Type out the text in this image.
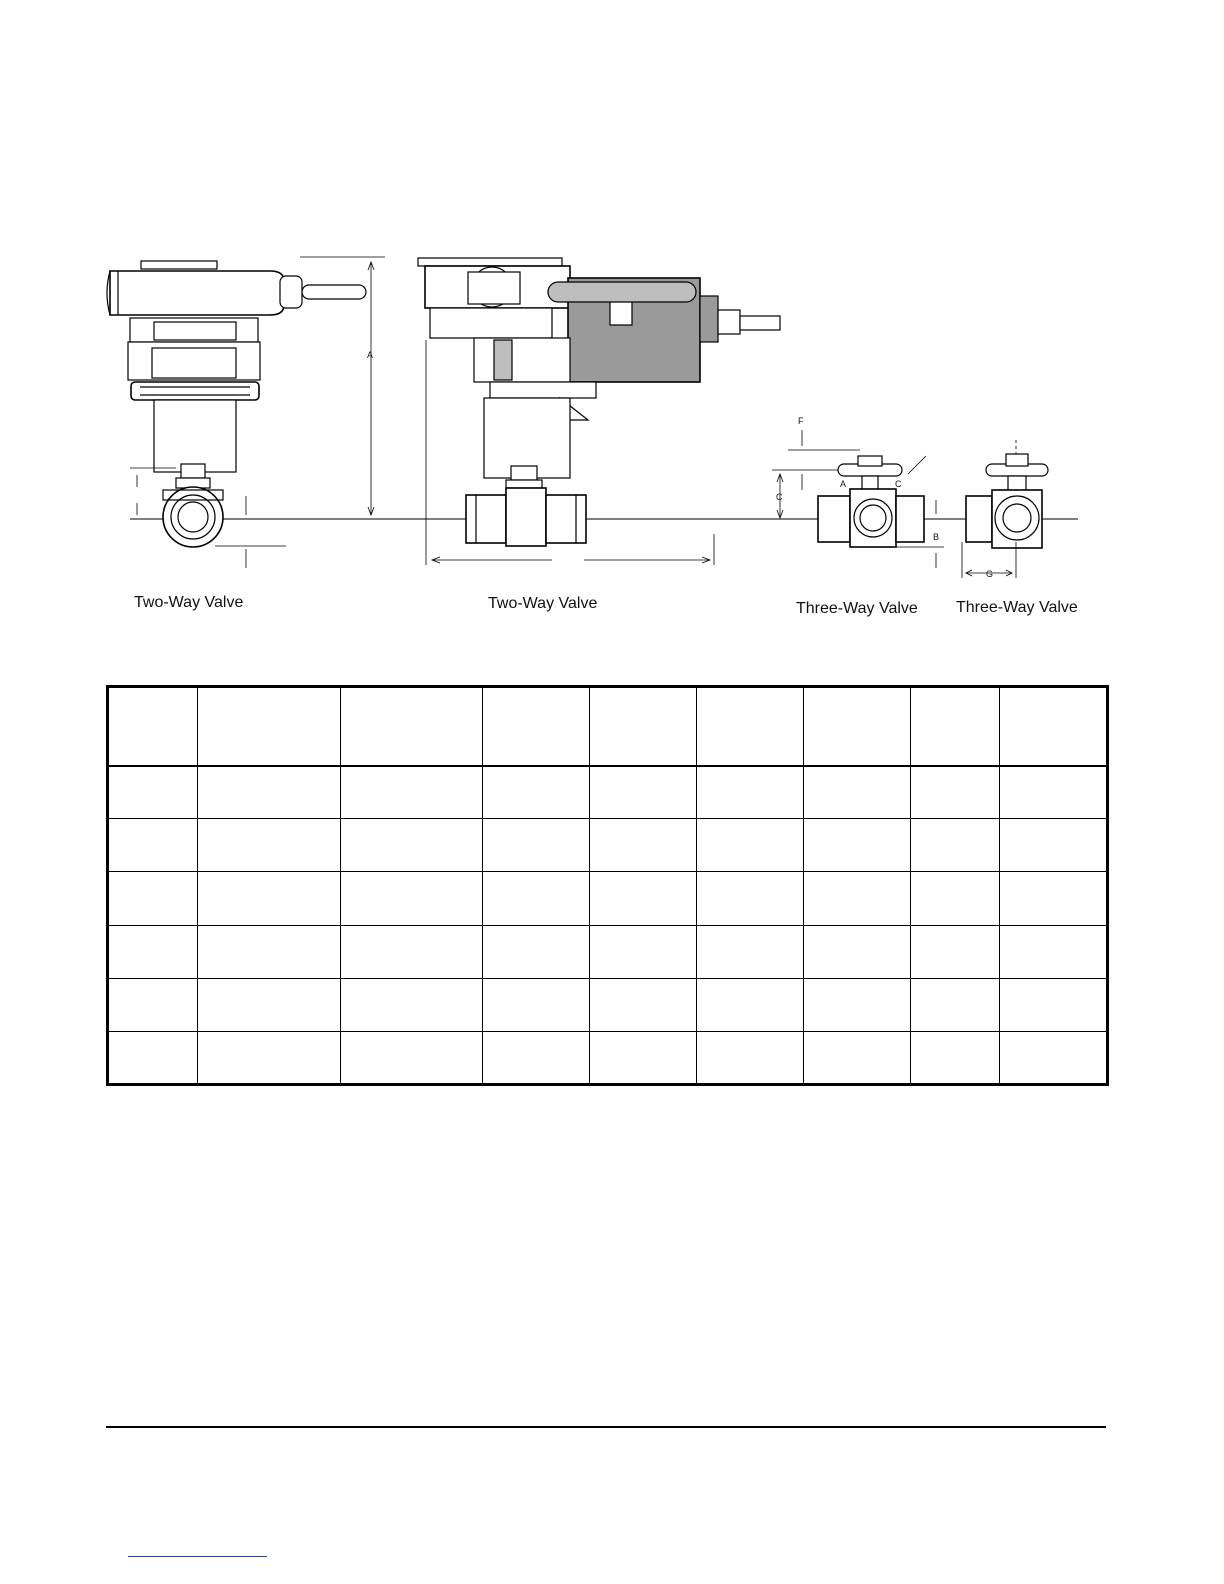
A
F
C
A	C
B
G
Two-Way Valve	Two-Way Valve	Three-Way Valve Three-Way Valve
